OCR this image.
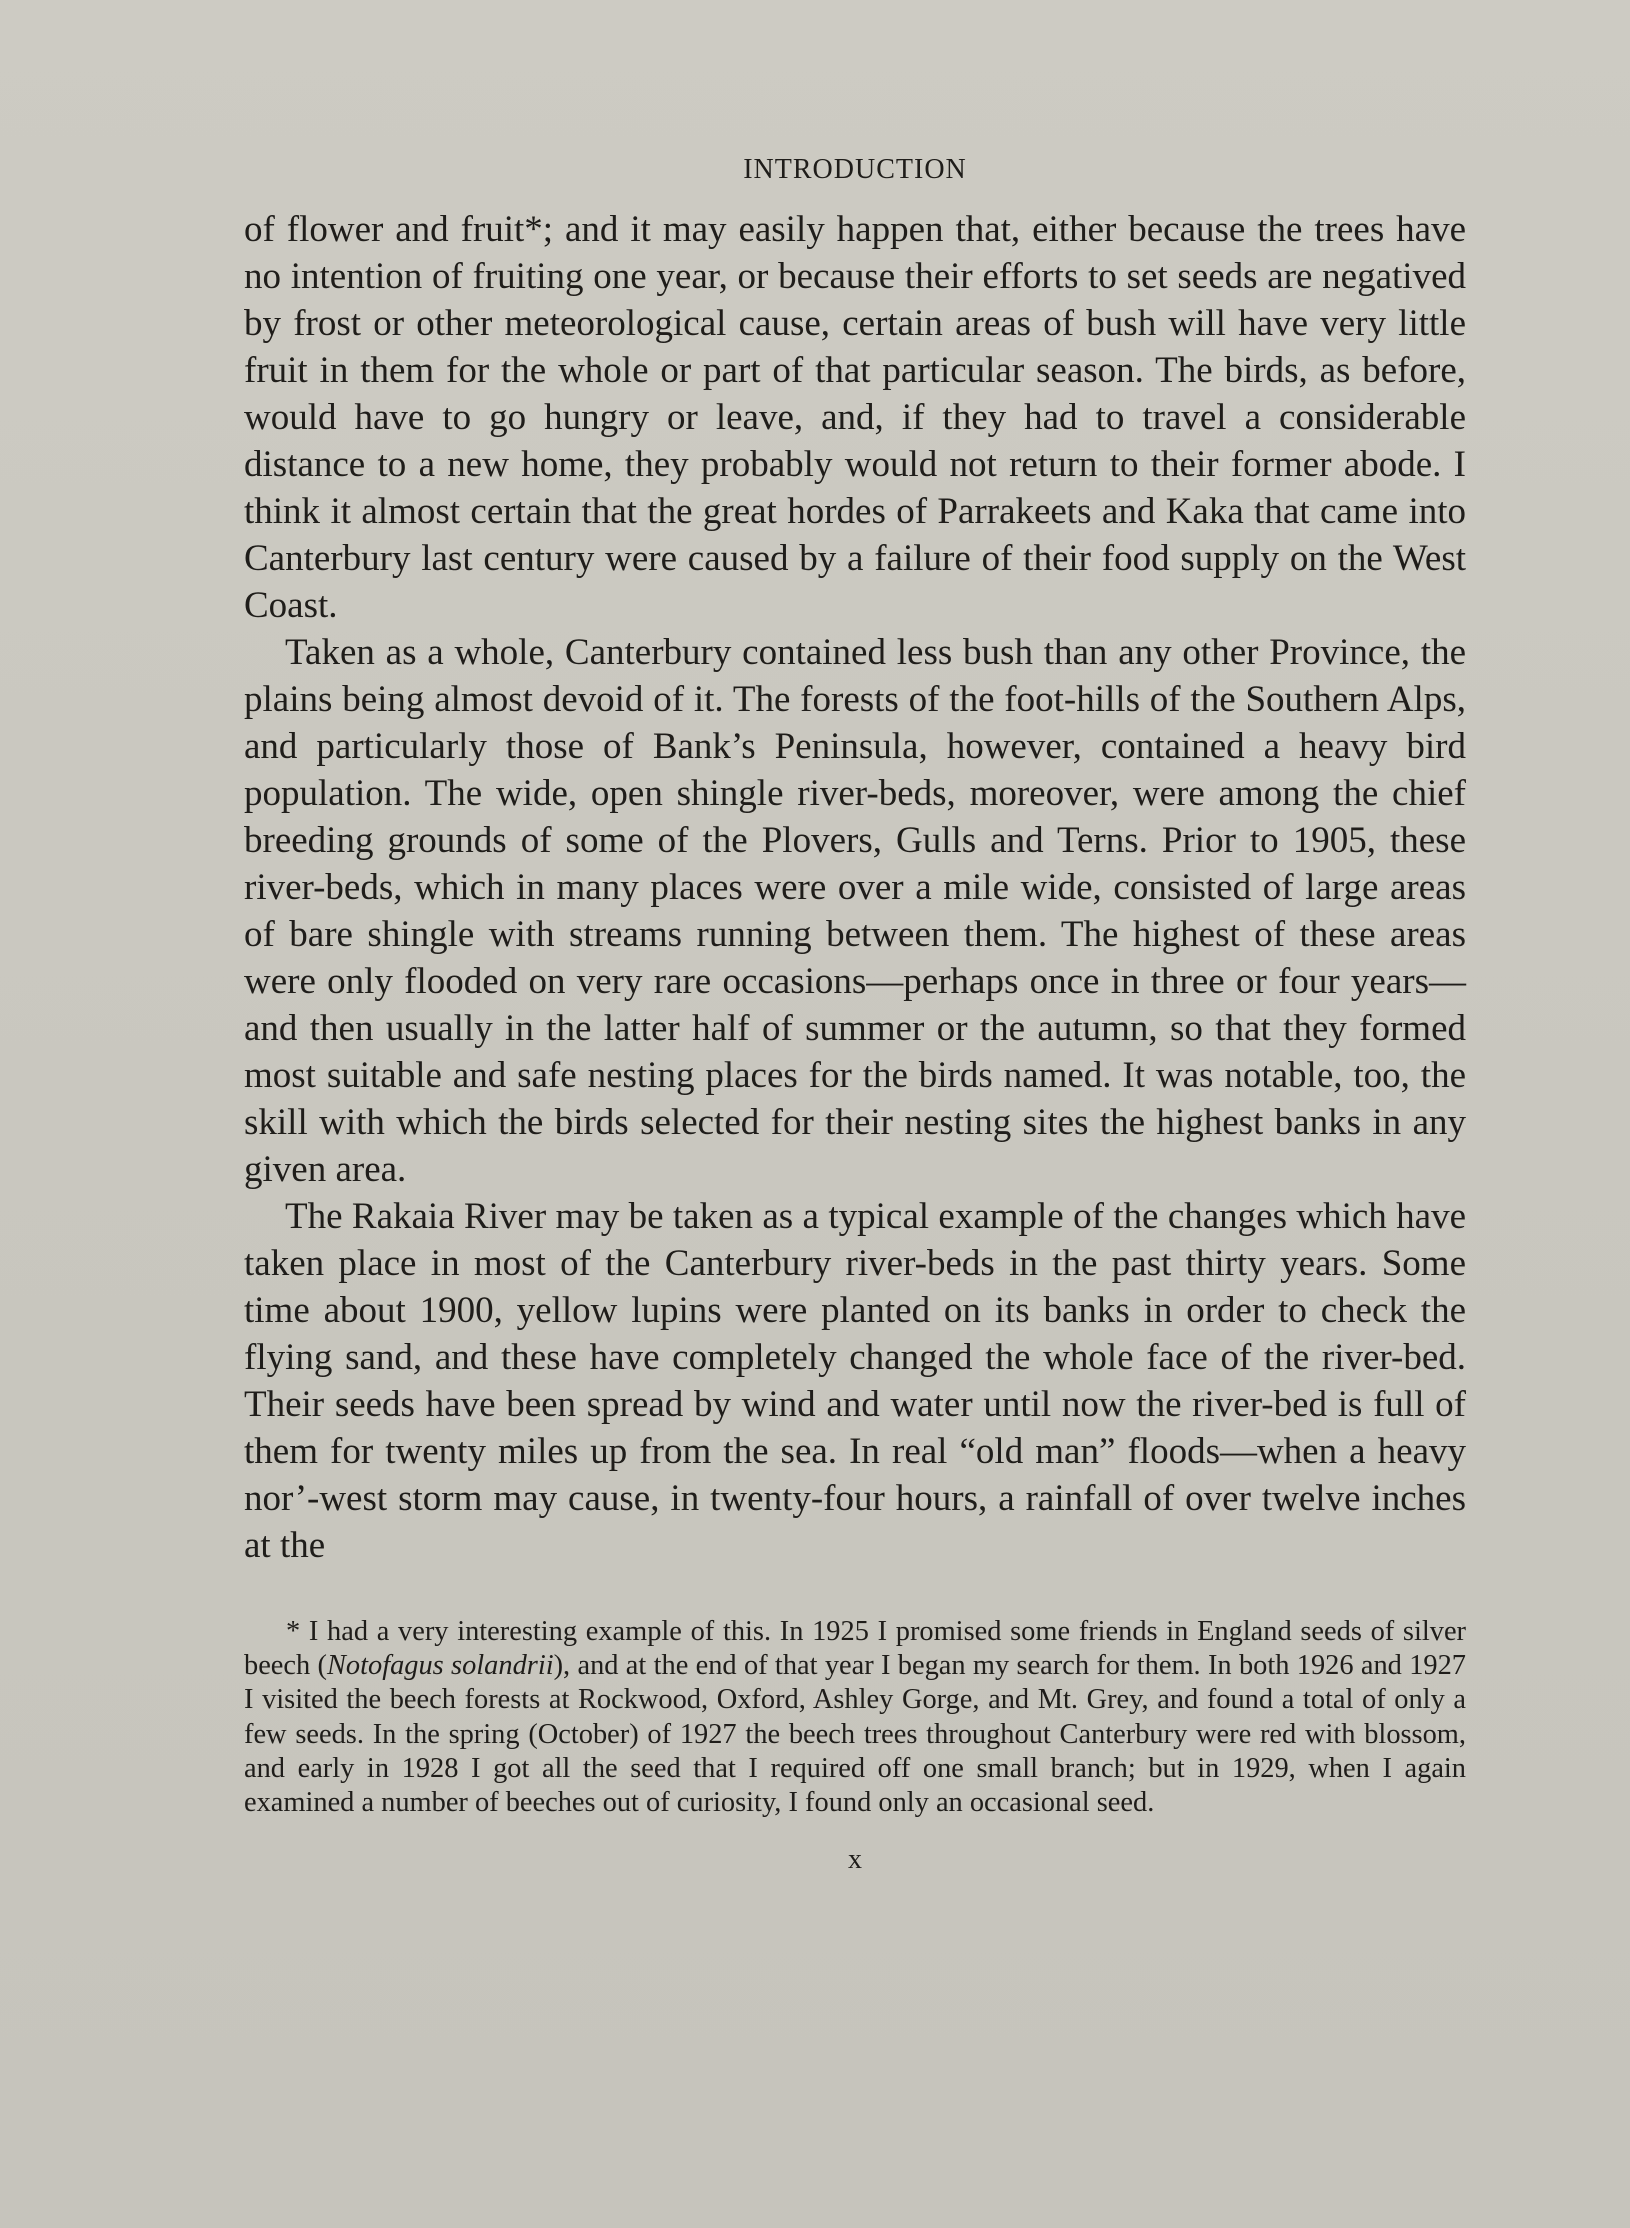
INTRODUCTION

of flower and fruit*; and it may easily happen that, either because the trees have no intention of fruiting one year, or because their efforts to set seeds are negatived by frost or other meteorological cause, certain areas of bush will have very little fruit in them for the whole or part of that particular season. The birds, as before, would have to go hungry or leave, and, if they had to travel a considerable distance to a new home, they probably would not return to their former abode. I think it almost certain that the great hordes of Parrakeets and Kaka that came into Canterbury last century were caused by a failure of their food supply on the West Coast.

Taken as a whole, Canterbury contained less bush than any other Province, the plains being almost devoid of it. The forests of the foot-hills of the Southern Alps, and particularly those of Bank’s Peninsula, however, contained a heavy bird population. The wide, open shingle river-beds, moreover, were among the chief breeding grounds of some of the Plovers, Gulls and Terns. Prior to 1905, these river-beds, which in many places were over a mile wide, consisted of large areas of bare shingle with streams running between them. The highest of these areas were only flooded on very rare occasions—perhaps once in three or four years—and then usually in the latter half of summer or the autumn, so that they formed most suitable and safe nesting places for the birds named. It was notable, too, the skill with which the birds selected for their nesting sites the highest banks in any given area.

The Rakaia River may be taken as a typical example of the changes which have taken place in most of the Canterbury river-beds in the past thirty years. Some time about 1900, yellow lupins were planted on its banks in order to check the flying sand, and these have completely changed the whole face of the river-bed. Their seeds have been spread by wind and water until now the river-bed is full of them for twenty miles up from the sea. In real “old man” floods—when a heavy nor’-west storm may cause, in twenty-four hours, a rainfall of over twelve inches at the

* I had a very interesting example of this. In 1925 I promised some friends in England seeds of silver beech (Notofagus solandrii), and at the end of that year I began my search for them. In both 1926 and 1927 I visited the beech forests at Rockwood, Oxford, Ashley Gorge, and Mt. Grey, and found a total of only a few seeds. In the spring (October) of 1927 the beech trees throughout Canterbury were red with blossom, and early in 1928 I got all the seed that I required off one small branch; but in 1929, when I again examined a number of beeches out of curiosity, I found only an occasional seed.

x
